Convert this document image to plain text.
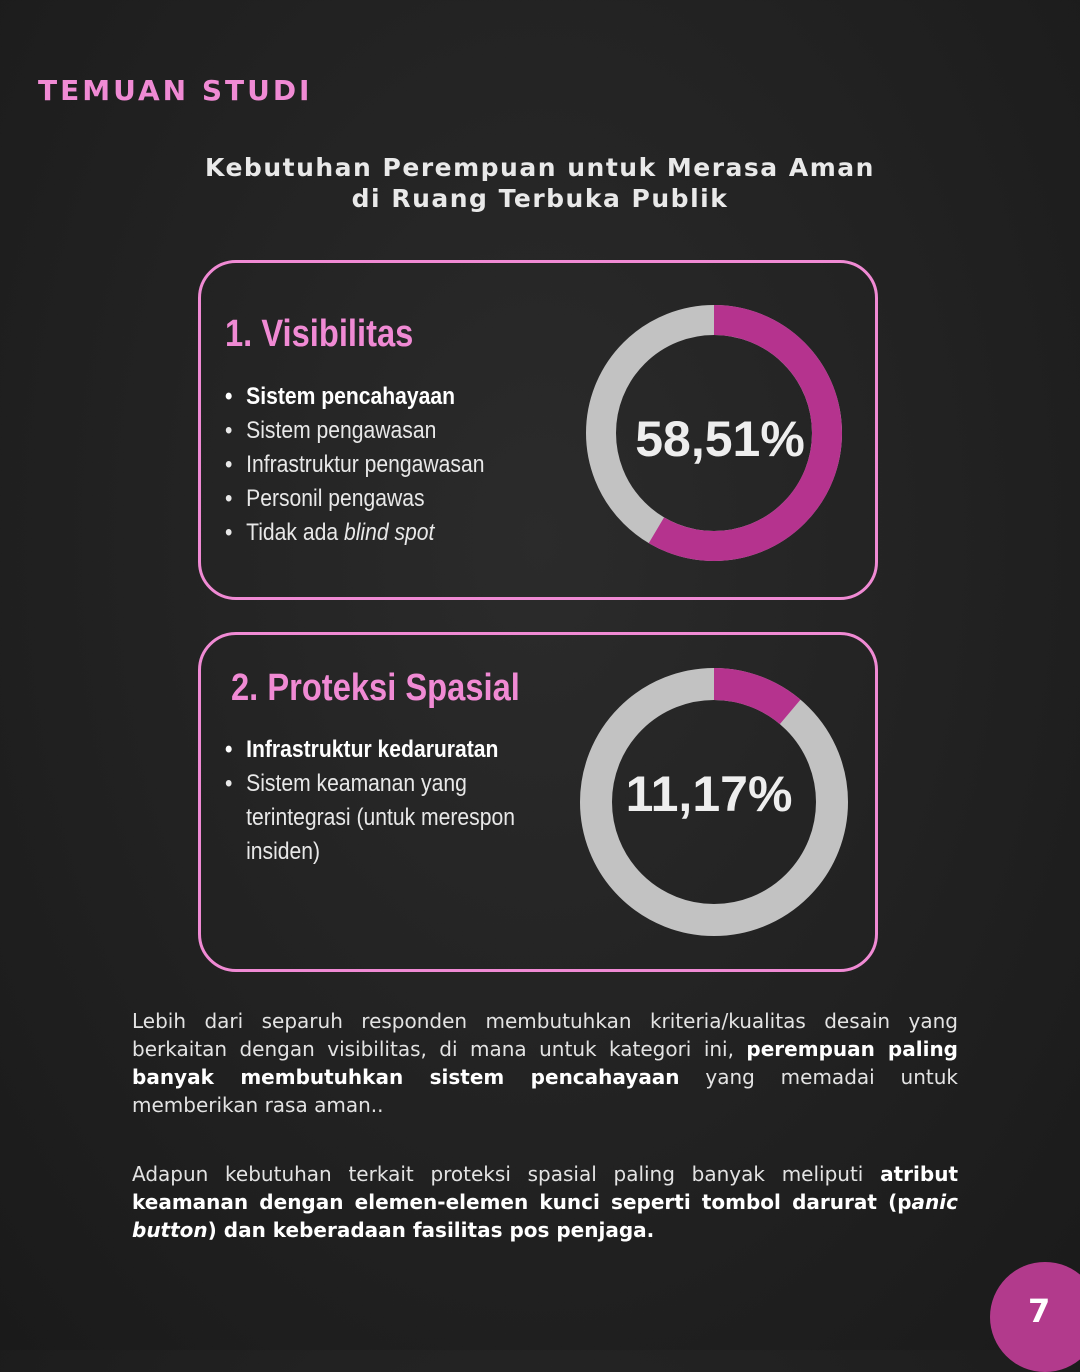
TEMUAN STUDI
Kebutuhan Perempuan untuk Merasa Aman
di Ruang Terbuka Publik
1. Visibilitas
• Sistem pencahayaan
• Sistem pengawasan
• Infrastruktur pengawasan
• Personil pengawas
• Tidak ada blind spot
58,51%
2. Proteksi Spasial
• Infrastruktur kedaruratan
• Sistem keamanan yang terintegrasi (untuk merespon insiden)
11,17%
Lebih dari separuh responden membutuhkan kriteria/kualitas desain yang berkaitan dengan visibilitas, di mana untuk kategori ini, perempuan paling banyak membutuhkan sistem pencahayaan yang memadai untuk memberikan rasa aman..
Adapun kebutuhan terkait proteksi spasial paling banyak meliputi atribut keamanan dengan elemen-elemen kunci seperti tombol darurat (panic button) dan keberadaan fasilitas pos penjaga.
7
